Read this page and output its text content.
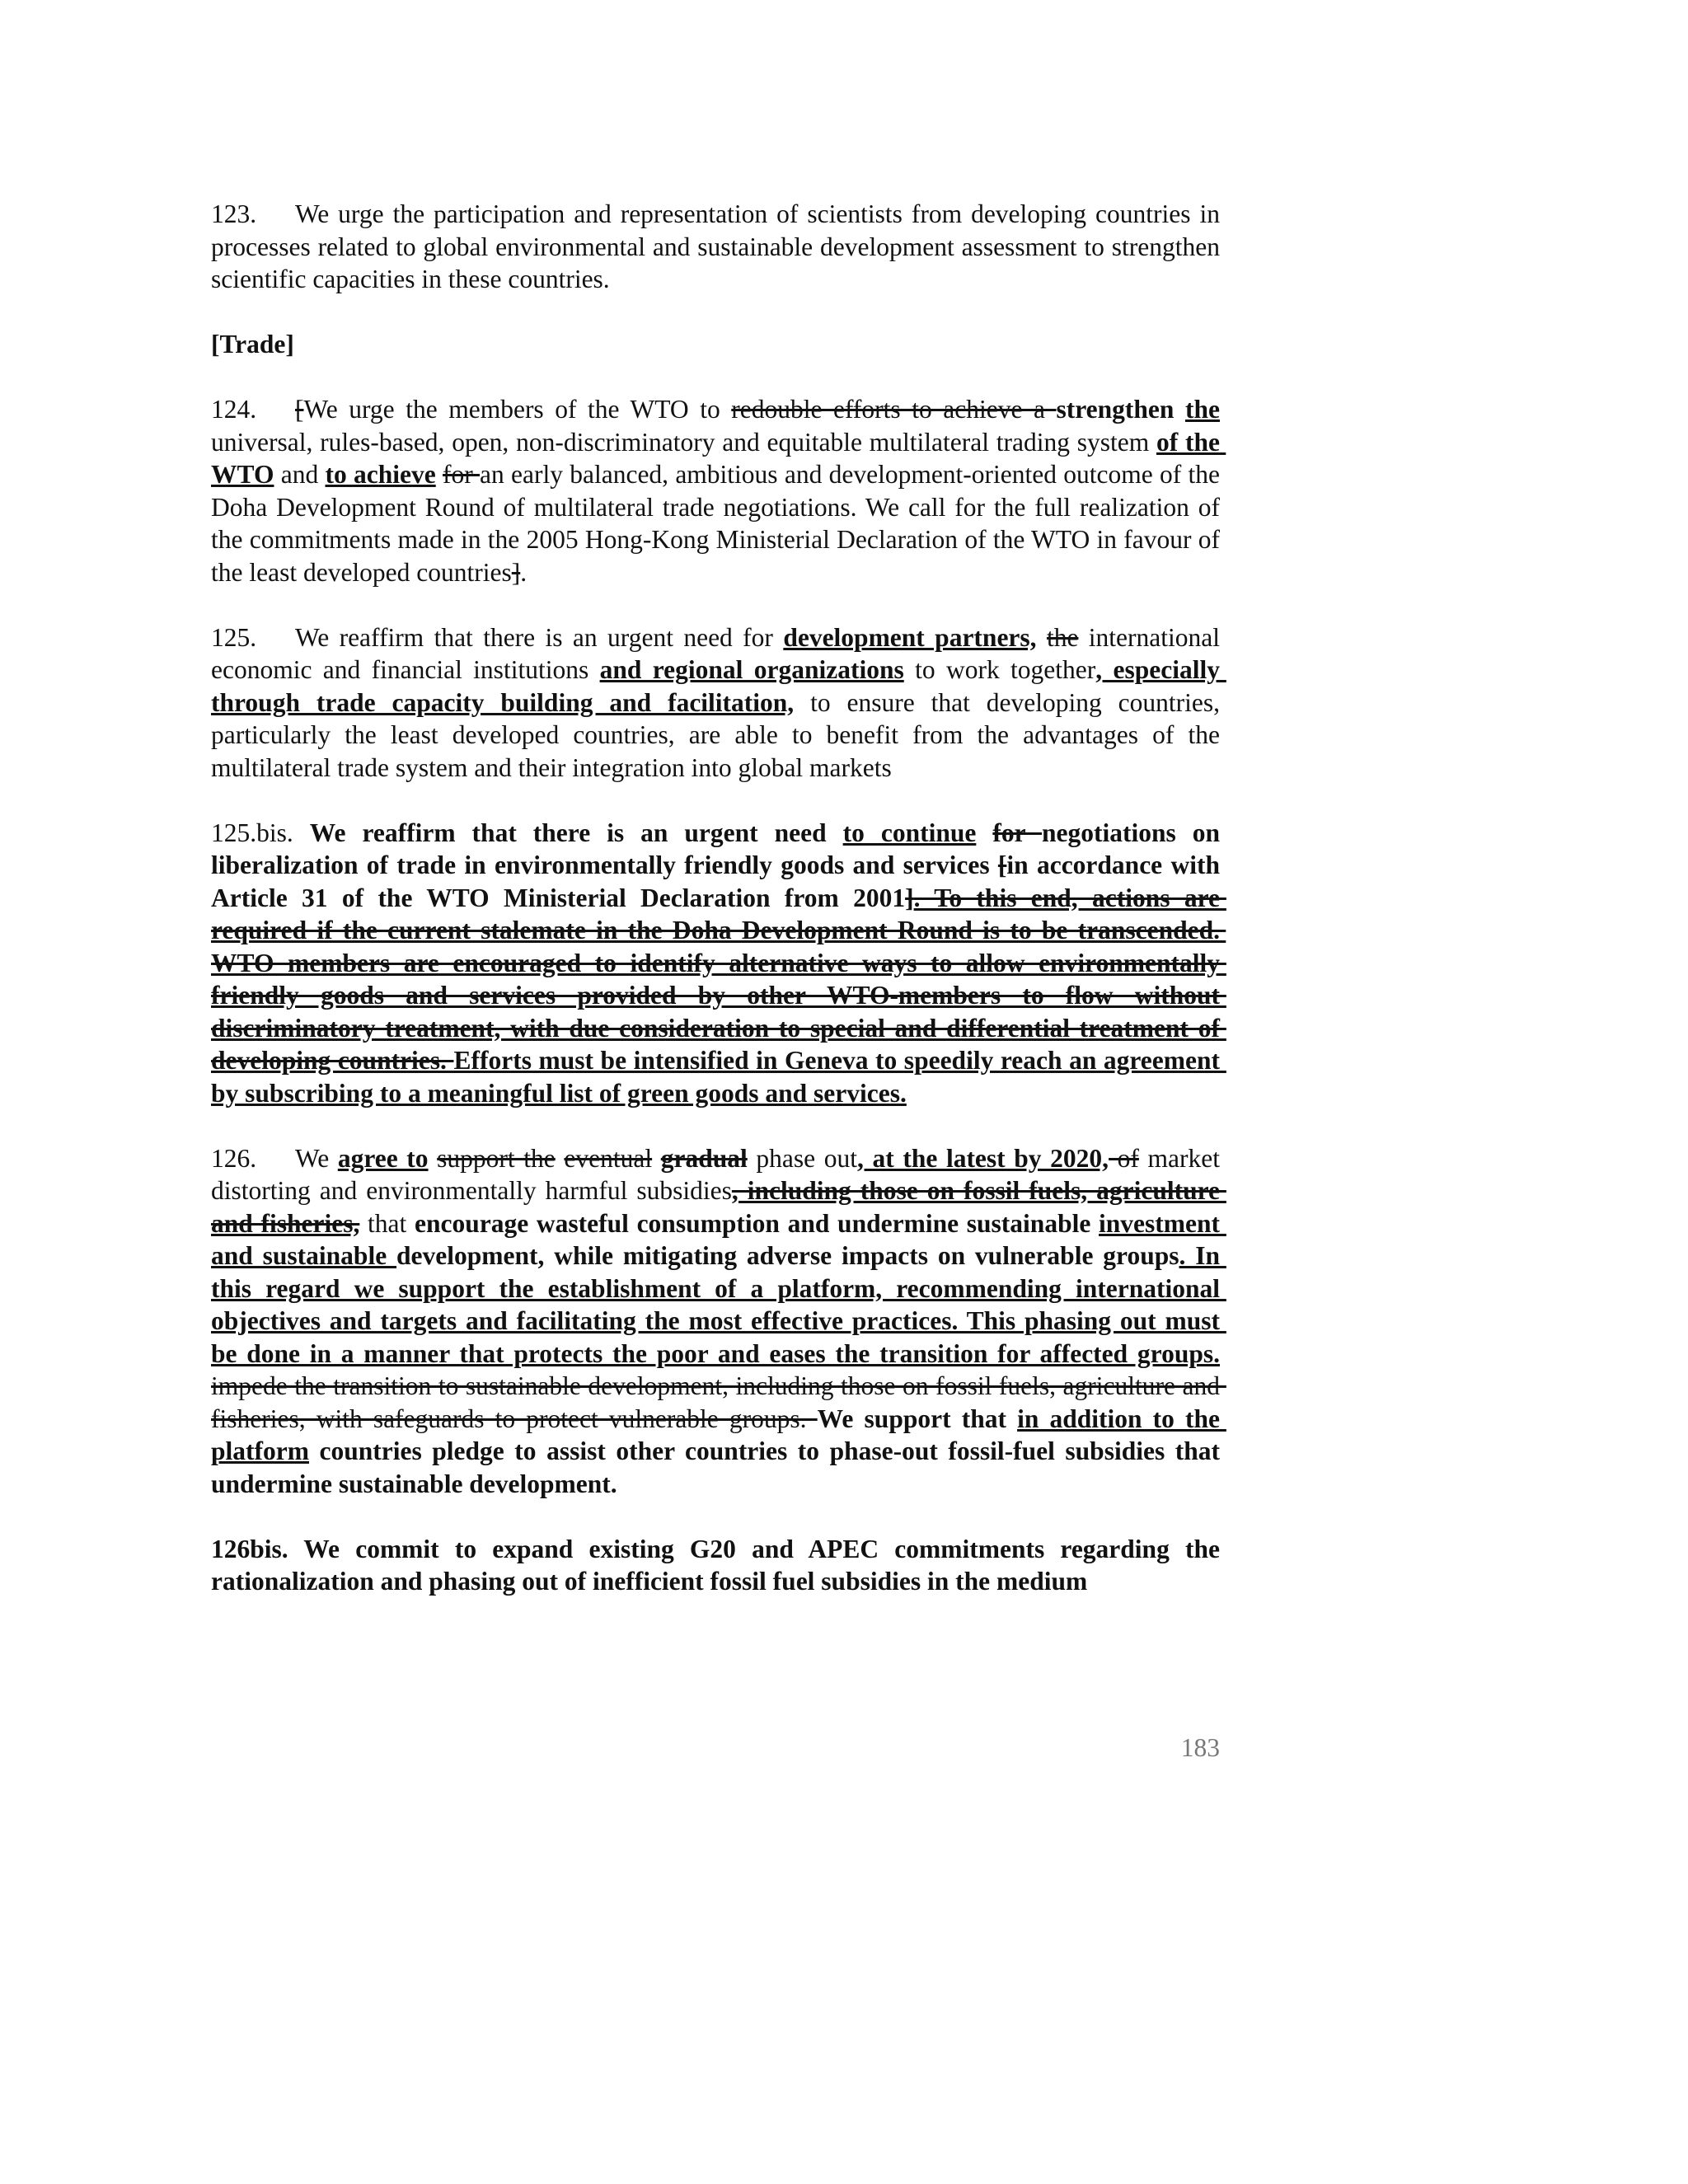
123. We urge the participation and representation of scientists from developing countries in processes related to global environmental and sustainable development assessment to strengthen scientific capacities in these countries.

[Trade]

124. [We urge the members of the WTO to redouble efforts to achieve a strengthen the universal, rules-based, open, non-discriminatory and equitable multilateral trading system of the WTO and to achieve for an early balanced, ambitious and development-oriented outcome of the Doha Development Round of multilateral trade negotiations. We call for the full realization of the commitments made in the 2005 Hong-Kong Ministerial Declaration of the WTO in favour of the least developed countries].

125. We reaffirm that there is an urgent need for development partners, the international economic and financial institutions and regional organizations to work together, especially through trade capacity building and facilitation, to ensure that developing countries, particularly the least developed countries, are able to benefit from the advantages of the multilateral trade system and their integration into global markets

125.bis. We reaffirm that there is an urgent need to continue for negotiations on liberalization of trade in environmentally friendly goods and services [in accordance with Article 31 of the WTO Ministerial Declaration from 2001]. To this end, actions are required if the current stalemate in the Doha Development Round is to be transcended. WTO members are encouraged to identify alternative ways to allow environmentally friendly goods and services provided by other WTO-members to flow without discriminatory treatment, with due consideration to special and differential treatment of developing countries. Efforts must be intensified in Geneva to speedily reach an agreement by subscribing to a meaningful list of green goods and services.

126. We agree to support the eventual gradual phase out, at the latest by 2020, of market distorting and environmentally harmful subsidies, including those on fossil fuels, agriculture and fisheries, that encourage wasteful consumption and undermine sustainable investment and sustainable development, while mitigating adverse impacts on vulnerable groups. In this regard we support the establishment of a platform, recommending international objectives and targets and facilitating the most effective practices. This phasing out must be done in a manner that protects the poor and eases the transition for affected groups. impede the transition to sustainable development, including those on fossil fuels, agriculture and fisheries, with safeguards to protect vulnerable groups. We support that in addition to the platform countries pledge to assist other countries to phase-out fossil-fuel subsidies that undermine sustainable development.

126bis. We commit to expand existing G20 and APEC commitments regarding the rationalization and phasing out of inefficient fossil fuel subsidies in the medium

183
